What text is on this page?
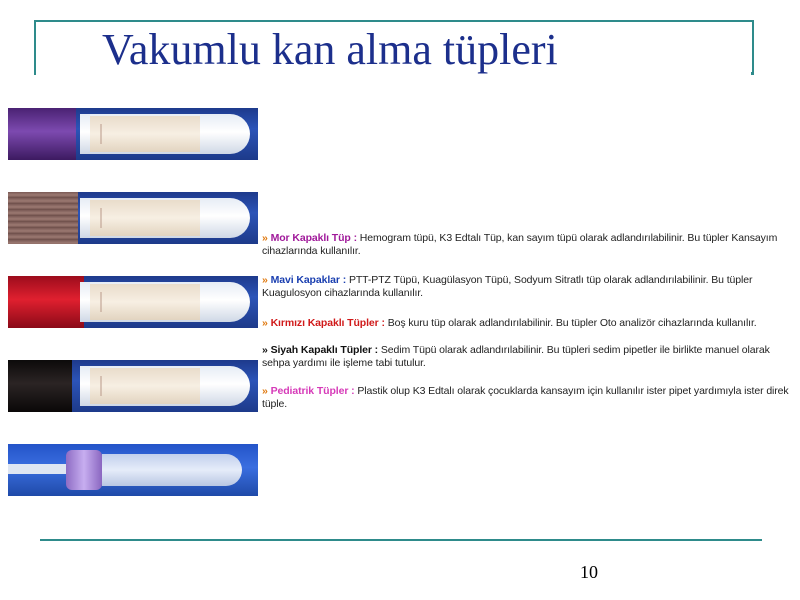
Vakumlu kan alma tüpleri
» Mor Kapaklı Tüp : Hemogram tüpü, K3 Edtalı Tüp, kan sayım tüpü olarak adlandırılabilinir. Bu tüpler Kansayım cihazlarında kullanılır.
» Mavi Kapaklar : PTT-PTZ Tüpü, Kuagülasyon Tüpü, Sodyum Sitratlı tüp olarak adlandırılabilinir. Bu tüpler Kuagulosyon cihazlarında kullanılır.
» Kırmızı Kapaklı Tüpler : Boş kuru tüp olarak adlandırılabilinir. Bu tüpler Oto analizör cihazlarında kullanılır.
» Siyah Kapaklı Tüpler : Sedim Tüpü olarak adlandırılabilinir. Bu tüpleri sedim pipetler ile birlikte manuel olarak sehpa yardımı ile işleme tabi tutulur.
» Pediatrik Tüpler : Plastik olup K3 Edtalı olarak çocuklarda kansayım için kullanılır ister pipet yardımıyla ister direk tüple.
10
